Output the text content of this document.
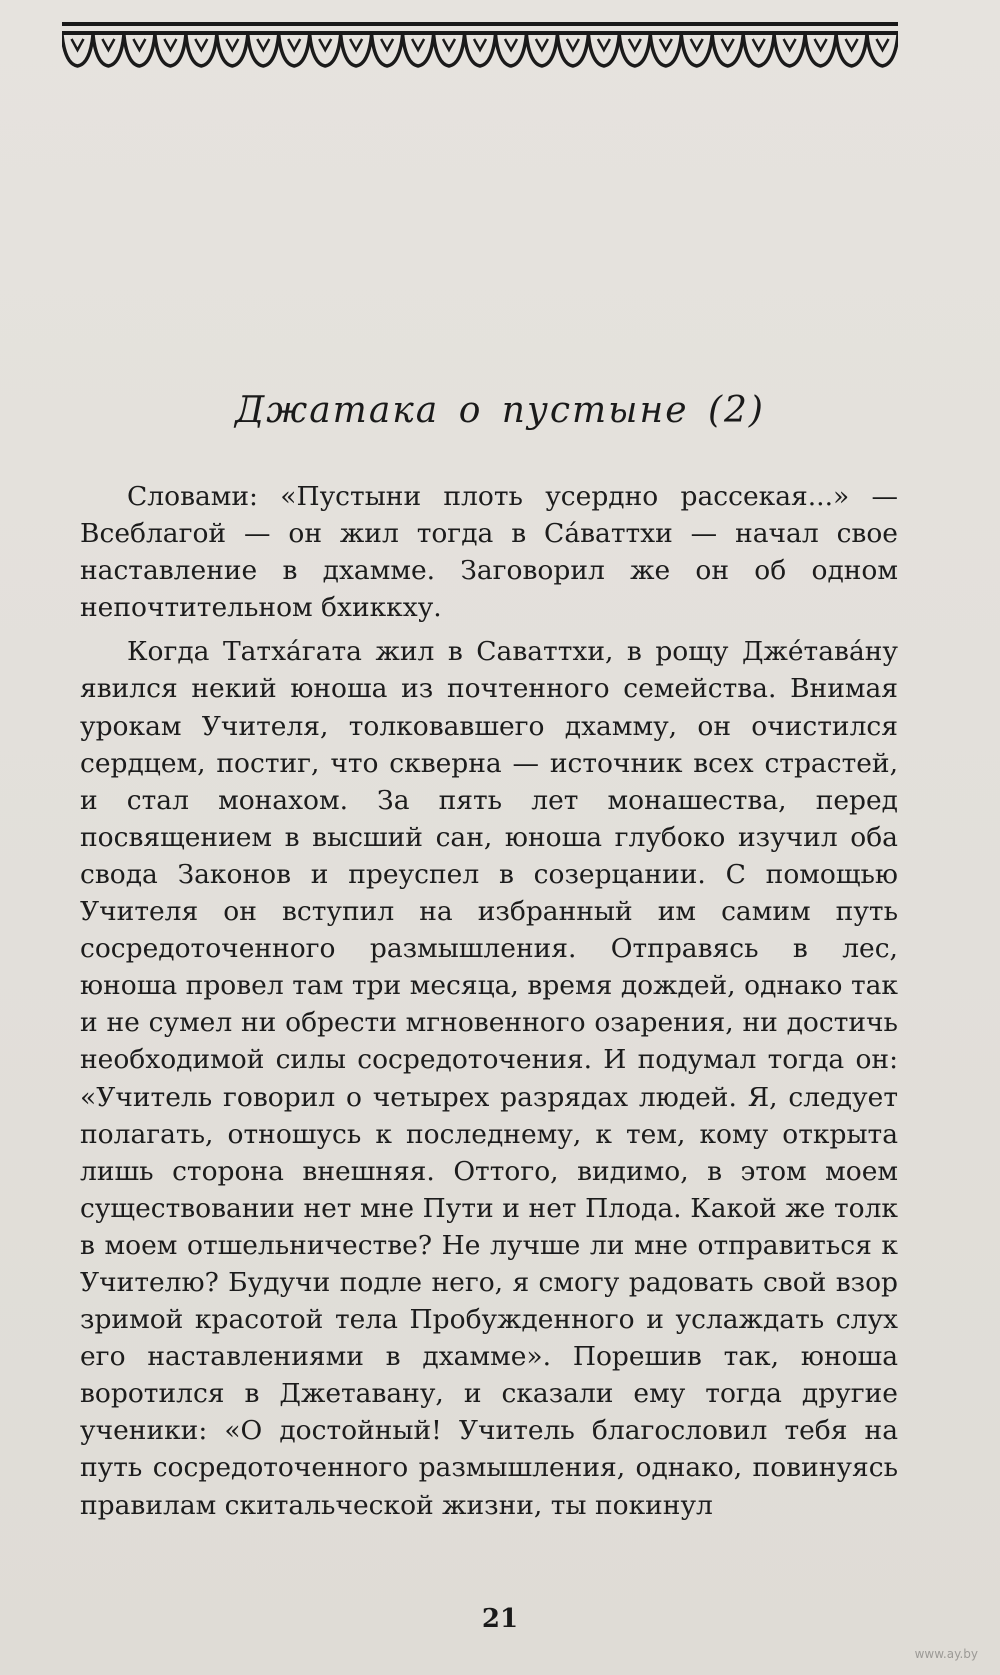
Джатака о пустыне (2)

Словами: «Пустыни плоть усердно рассекая...» — Всеблагой — он жил тогда в Са́ваттхи — начал свое наставление в дхамме. Заговорил же он об одном непочтительном бхиккху.

Когда Татха́гата жил в Саваттхи, в рощу Дже́тава́ну явился некий юноша из почтенного семейства. Внимая урокам Учителя, толковавшего дхамму, он очистился сердцем, постиг, что скверна — источник всех страстей, и стал монахом. За пять лет монашества, перед посвящением в высший сан, юноша глубоко изучил оба свода Законов и преуспел в созерцании. С помощью Учителя он вступил на избранный им самим путь сосредоточенного размышления. Отправясь в лес, юноша провел там три месяца, время дождей, однако так и не сумел ни обрести мгновенного озарения, ни достичь необходимой силы сосредоточения. И подумал тогда он: «Учитель говорил о четырех разрядах людей. Я, следует полагать, отношусь к последнему, к тем, кому открыта лишь сторона внешняя. Оттого, видимо, в этом моем существовании нет мне Пути и нет Плода. Какой же толк в моем отшельничестве? Не лучше ли мне отправиться к Учителю? Будучи подле него, я смогу радовать свой взор зримой красотой тела Пробужденного и услаждать слух его наставлениями в дхамме». Порешив так, юноша воротился в Джетавану, и сказали ему тогда другие ученики: «О достойный! Учитель благословил тебя на путь сосредоточенного размышления, однако, повинуясь правилам скитальческой жизни, ты покинул

21
www.ay.by
